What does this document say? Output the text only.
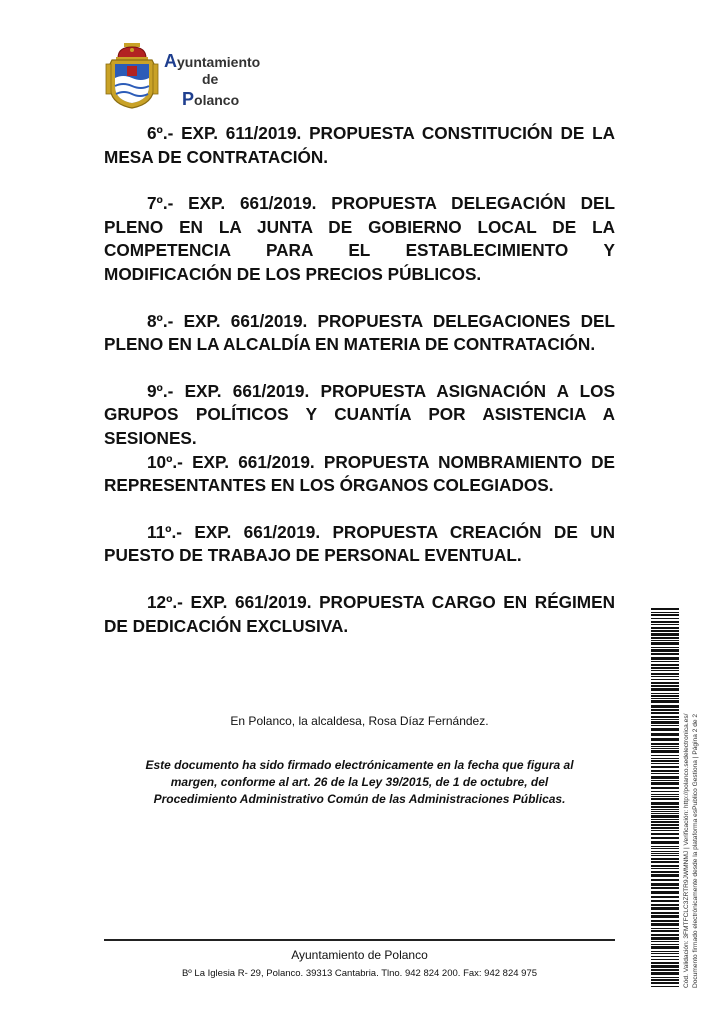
Ayuntamiento
de
Polanco

6º.- EXP. 611/2019. PROPUESTA CONSTITUCIÓN DE LA MESA DE CONTRATACIÓN.

7º.- EXP. 661/2019. PROPUESTA DELEGACIÓN DEL PLENO EN LA JUNTA DE GOBIERNO LOCAL DE LA COMPETENCIA PARA EL ESTABLECIMIENTO Y MODIFICACIÓN DE LOS PRECIOS PÚBLICOS.

8º.- EXP. 661/2019. PROPUESTA DELEGACIONES DEL PLENO EN LA ALCALDÍA EN MATERIA DE CONTRATACIÓN.

9º.- EXP. 661/2019. PROPUESTA ASIGNACIÓN A LOS GRUPOS POLÍTICOS Y CUANTÍA POR ASISTENCIA A SESIONES.

10º.- EXP. 661/2019. PROPUESTA NOMBRAMIENTO DE REPRESENTANTES EN LOS ÓRGANOS COLEGIADOS.

11º.- EXP. 661/2019. PROPUESTA CREACIÓN DE UN PUESTO DE TRABAJO DE PERSONAL EVENTUAL.

12º.- EXP. 661/2019. PROPUESTA CARGO EN RÉGIMEN DE DEDICACIÓN EXCLUSIVA.

En Polanco, la alcaldesa, Rosa Díaz Fernández.
Este documento ha sido firmado electrónicamente en la fecha que figura al
margen, conforme al art. 26 de la Ley 39/2015, de 1 de octubre, del
Procedimiento Administrativo Común de las Administraciones Públicas.	Cód. Validación: 3FMTFCLC3ZRTR9JWMNMJ | Verificación: http://polanco.sedelectronica.es/ Documento firmado electrónicamente desde la plataforma esPublico Gestiona | Página 2 de 2
Ayuntamiento de Polanco
Bº La Iglesia R- 29, Polanco. 39313 Cantabria. Tlno. 942 824 200. Fax: 942 824 975
